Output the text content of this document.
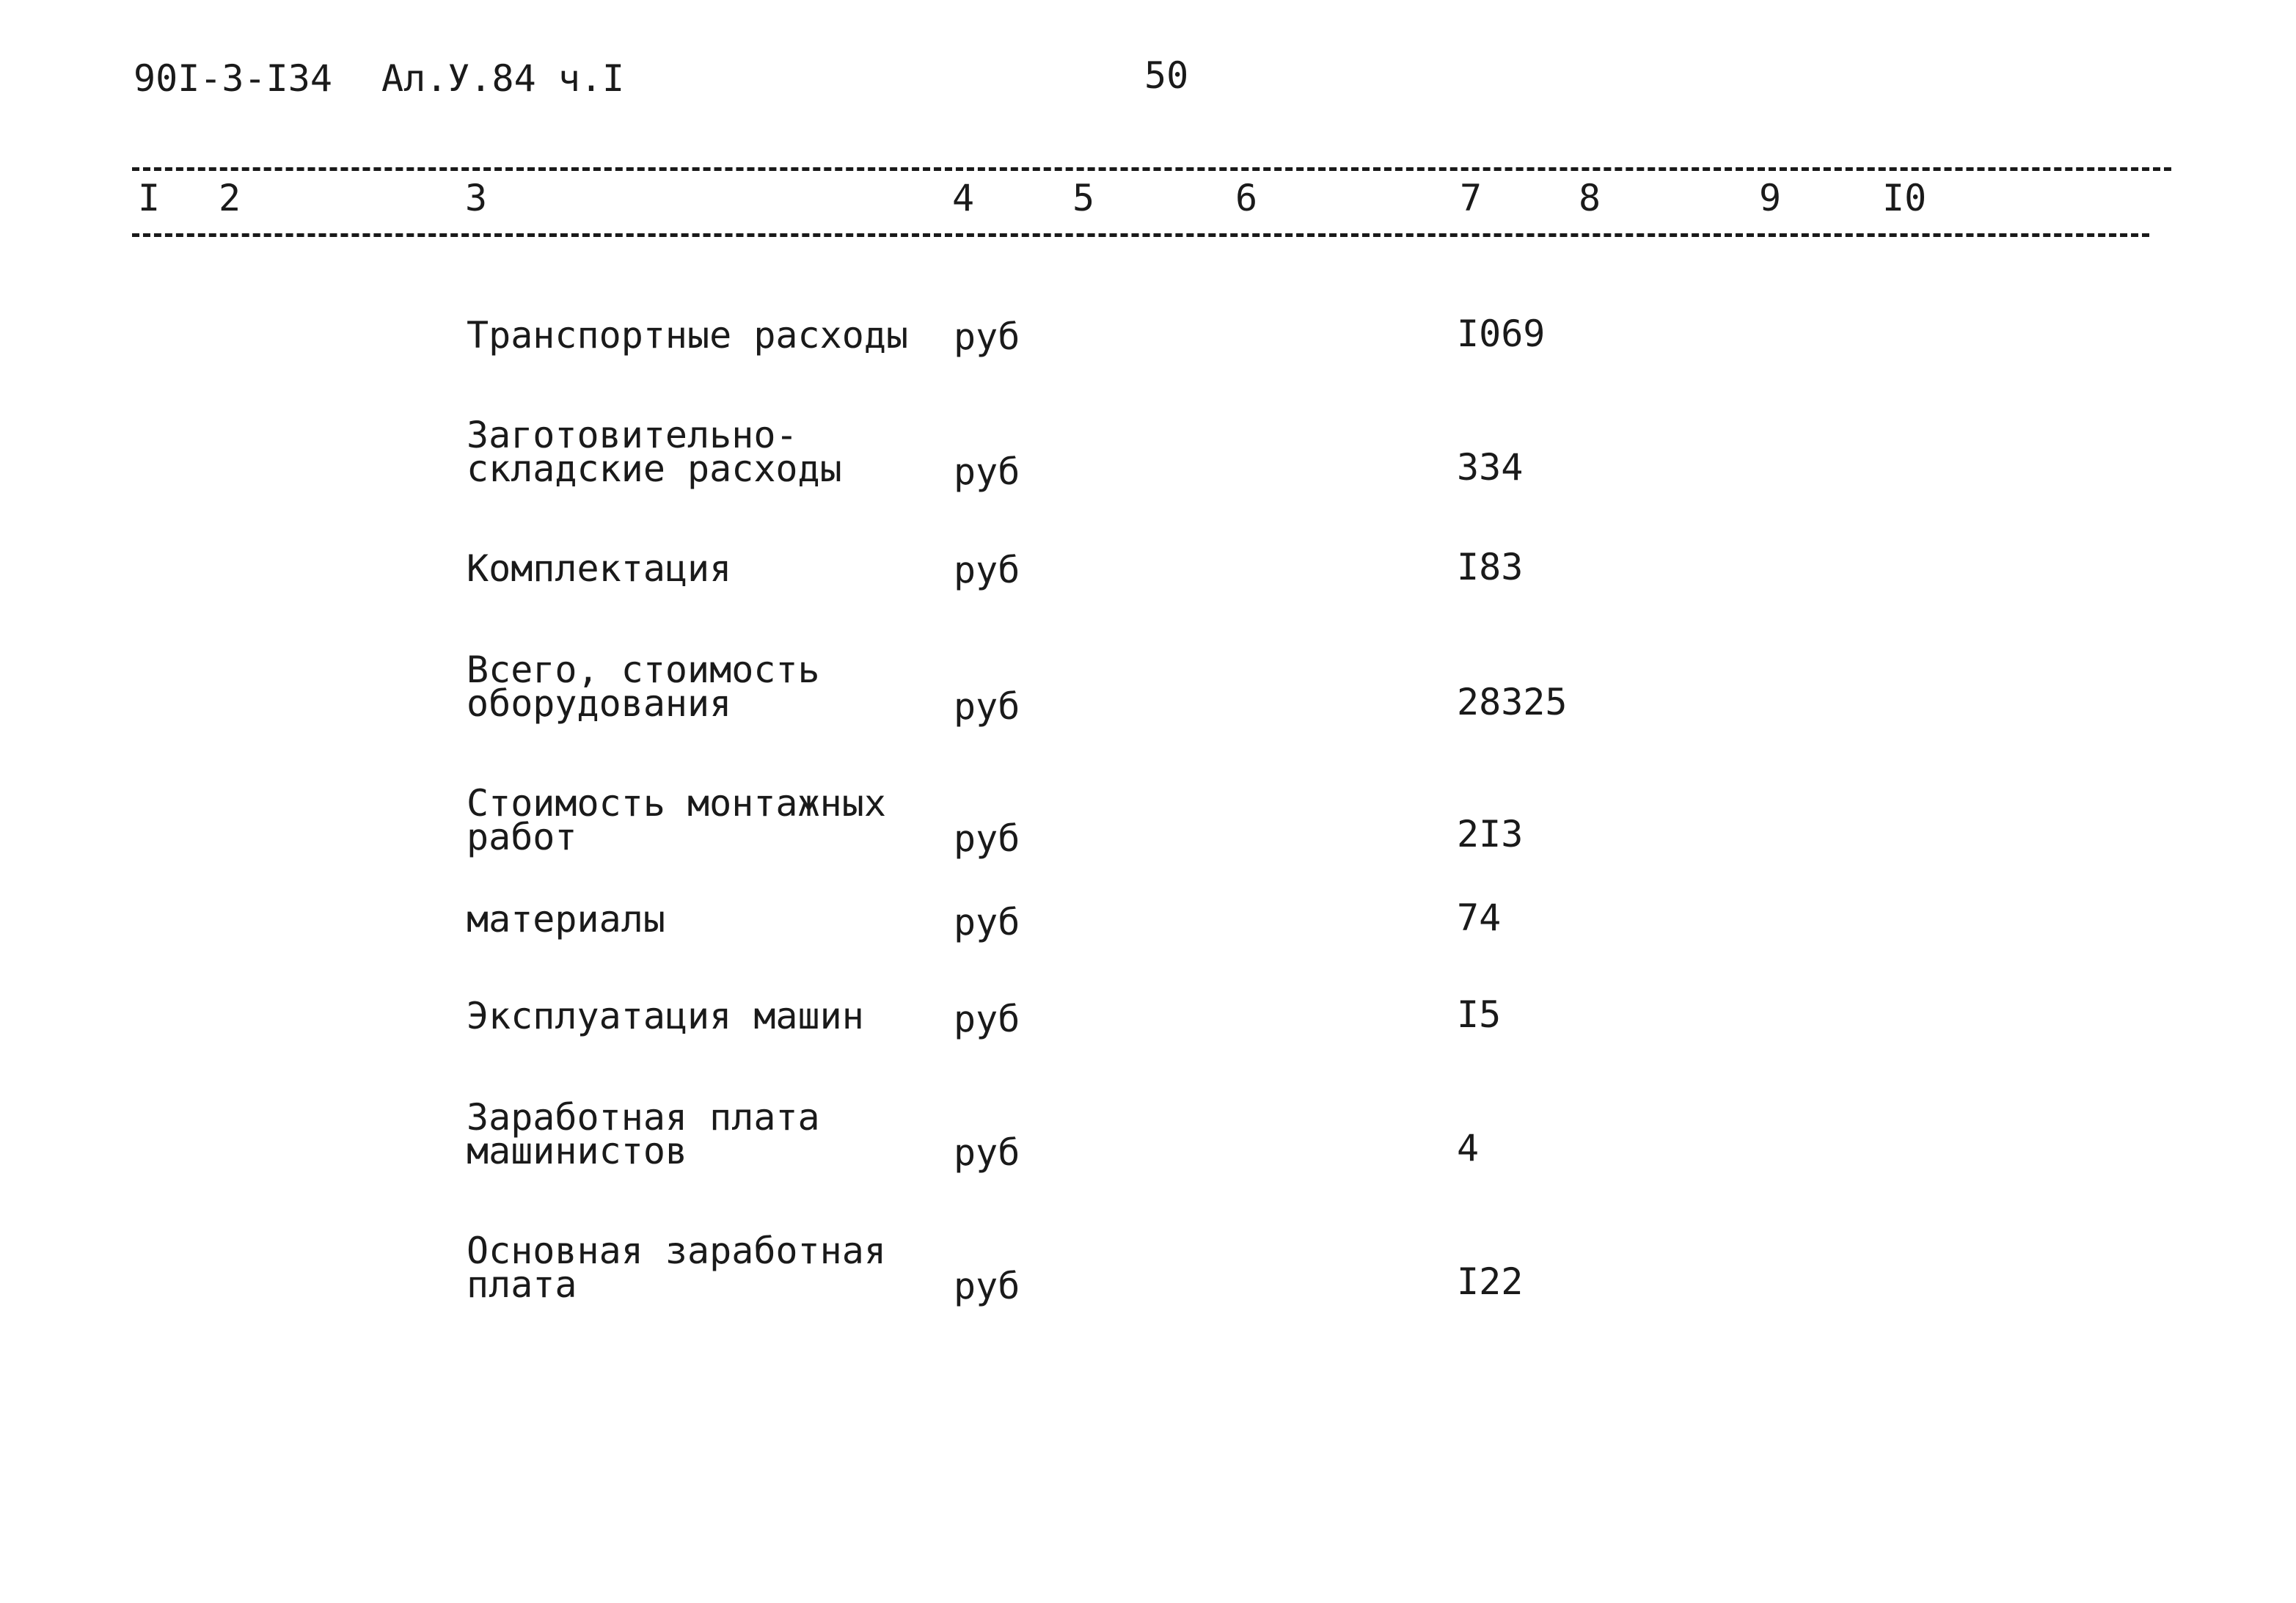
90I-3-I34 Ал.У.84 ч.I	50
I 2	3	4	5	6	7	8	9	I0
Транспортные расходы руб	I069
Заготовительно-
складские расходы	руб	334
Комплектация	руб	I83
Всего, стоимость
оборудования	руб	28325
Стоимость монтажных
работ	руб	2I3
материалы	руб	74
Эксплуатация машин руб	I5
Заработная плата
машинистов	руб	4
Основная заработная
плата	руб	I22
